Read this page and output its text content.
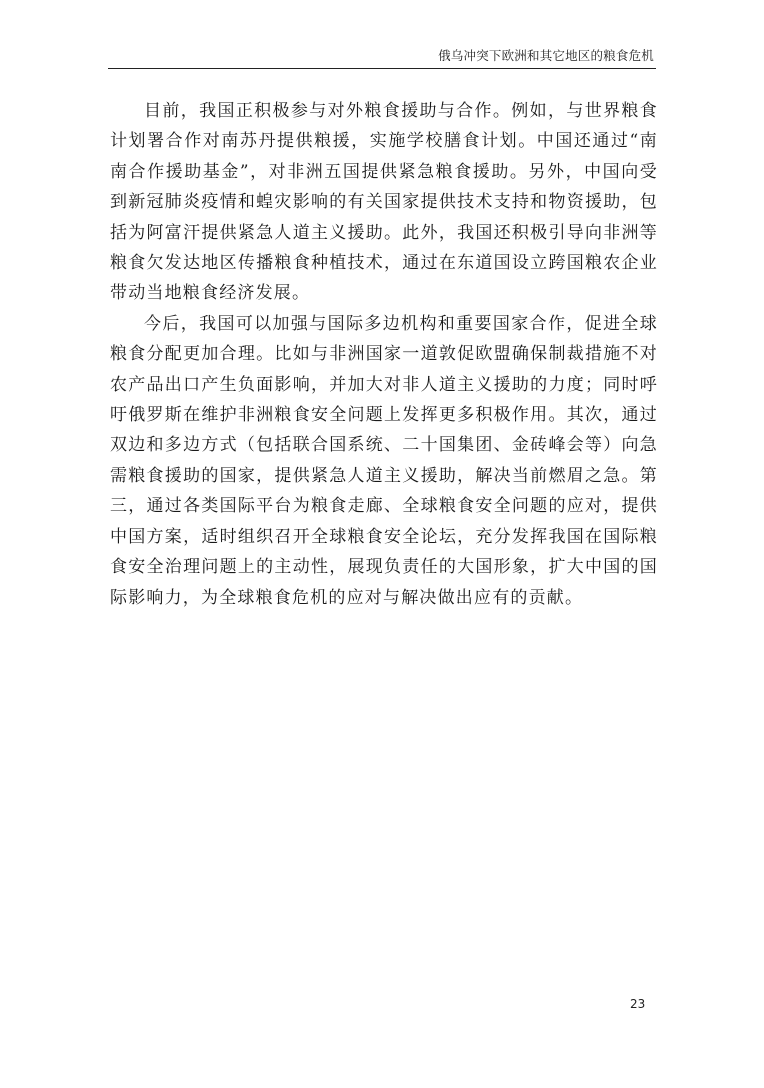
俄乌冲突下欧洲和其它地区的粮食危机

目前，我国正积极参与对外粮食援助与合作。例如，与世界粮食
计划署合作对南苏丹提供粮援，实施学校膳食计划。中国还通过“南
南合作援助基金”，对非洲五国提供紧急粮食援助。另外，中国向受
到新冠肺炎疫情和蝗灾影响的有关国家提供技术支持和物资援助，包
括为阿富汗提供紧急人道主义援助。此外，我国还积极引导向非洲等
粮食欠发达地区传播粮食种植技术，通过在东道国设立跨国粮农企业
带动当地粮食经济发展。

今后，我国可以加强与国际多边机构和重要国家合作，促进全球
粮食分配更加合理。比如与非洲国家一道敦促欧盟确保制裁措施不对
农产品出口产生负面影响，并加大对非人道主义援助的力度；同时呼
吁俄罗斯在维护非洲粮食安全问题上发挥更多积极作用。其次，通过
双边和多边方式（包括联合国系统、二十国集团、金砖峰会等）向急
需粮食援助的国家，提供紧急人道主义援助，解决当前燃眉之急。第
三，通过各类国际平台为粮食走廊、全球粮食安全问题的应对，提供
中国方案，适时组织召开全球粮食安全论坛，充分发挥我国在国际粮
食安全治理问题上的主动性，展现负责任的大国形象，扩大中国的国
际影响力，为全球粮食危机的应对与解决做出应有的贡献。

23
